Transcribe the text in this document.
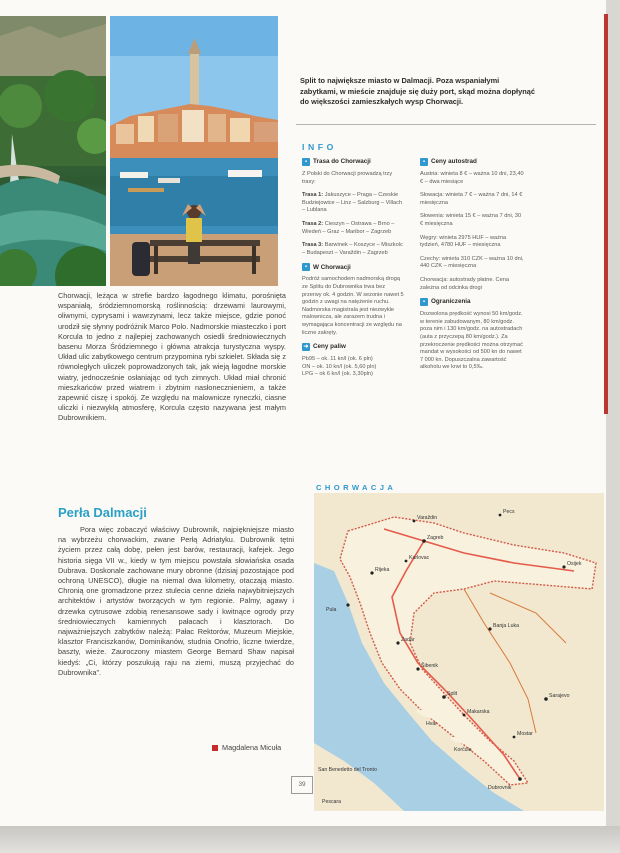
Split to największe miasto w Dalmacji. Poza wspaniałymi zabytkami, w mieście znajduje się duży port, skąd można dopłynąć do większości zamieszkałych wysp Chorwacji.
INFO
▪ Trasa do Chorwacji
Z Polski do Chorwacji prowadzą trzy trasy:
Trasa 1: Jakuszyce – Praga – Czeskie Budziejowice – Linz – Salzburg – Villach – Lublana
Trasa 2: Cieszyn – Ostrawa – Brno – Wiedeń – Graz – Maribor – Zagrzeb
Trasa 3: Barwinek – Koszyce – Miszkolc – Budapeszt – Varaždin – Zagrzeb
▪ W Chorwacji
Podróż samochodem nadmorską drogą ze Splitu do Dubrownika trwa bez przerwy ok. 4 godzin. W sezonie nawet 5 godzin z uwagi na natężenie ruchu. Nadmorska magistrala jest niezwykle malownicza, ale zarazem trudna i wymagająca koncentracji ze względu na liczne zakręty.
➜ Ceny paliw
Pb95 – ok. 11 kn/l (ok. 6 pln)
ON – ok. 10 kn/l (ok. 5,60 pln)
LPG – ok 6 kn/l (ok. 3,30pln)
▪ Ceny autostrad
Austria: winieta 8 € – ważna 10 dni, 23,40 € – dwa miesiące
Słowacja: winieta 7 € – ważna 7 dni, 14 € miesięczna
Słowenia: winieta 15 € – ważna 7 dni, 30 € miesięczna
Węgry: winieta 2975 HUF – ważna tydzień, 4780 HUF – miesięczna
Czechy: winieta 310 CZK – ważna 10 dni, 440 CZK – miesięczna
Chorwacja: autostrady płatne. Cena zależna od odcinka drogi
▪ Ograniczenia
Dozwolona prędkość wynosi 50 km/godz. w terenie zabudowanym, 80 km/godz. poza nim i 130 km/godz. na autostradach (auta z przyczepą 80 km/godz.). Za przekroczenie prędkości można otrzymać mandat w wysokości od 500 kn do nawet 7 000 kn. Dopuszczalna zawartość alkoholu we krwi to 0,5‰.
CHORWACJA
Chorwacji, leżąca w strefie bardzo łagodnego klimatu, porośnięta wspaniałą, śródziemnomorską roślinnością: drzewami laurowymi, oliwnymi, cyprysami i wawrzynami, lecz także miejsce, gdzie ponoć urodził się słynny podróżnik Marco Polo. Nadmorskie miasteczko i port Korcula to jedno z najlepiej zachowanych osiedli średniowiecznych basenu Morza Śródziemnego i główna atrakcja turystyczna wyspy. Układ ulic zabytkowego centrum przypomina rybi szkielet. Składa się z równoległych uliczek poprowadzonych tak, jak wieją łagodne morskie wiatry, jednocześnie osłaniając od tych zimnych. Układ miał chronić mieszkańców przed wiatrem i zbytnim nasłonecznieniem, a także zapewnić ciszę i spokój. Ze względu na malownicze ryneczki, ciasne uliczki i niezwykłą atmosferę, Korcula często nazywana jest małym Dubrownikiem.
Perła Dalmacji
Pora więc zobaczyć właściwy Dubrownik, najpiękniejsze miasto na wybrzeżu chorwackim, zwane Perłą Adriatyku. Dubrownik tętni życiem przez całą dobę, pełen jest barów, restauracji, kafejek. Jego historia sięga VII w., kiedy w tym miejscu powstała słowiańska osada Dubrava. Doskonale zachowane mury obronne (dzisiaj pozostające pod ochroną UNESCO), długie na niemal dwa kilometry, otaczają miasto. Chronią one gromadzone przez stulecia cenne dzieła najwybitniejszych architektów i artystów tworzących w tym regionie. Palmy, agawy i drzewka cytrusowe zdobią renesansowe sady i kwitnące ogrody przy średniowiecznych kamiennych pałacach i klasztorach. Do najważniejszych zabytków należą: Pałac Rektorów, Muzeum Miejskie, klasztor Franciszkanów, Dominikanów, studnia Onofrio, liczne twierdze, baszty, wieże. Zauroczony miastem George Bernard Shaw napisał kiedyś: „Ci, którzy poszukują raju na ziemi, muszą przyjechać do Dubrownika”.
Magdalena Micuła
39
Zagreb
Rijeka
Pula
Zadar
Šibenik
Split
Makarska
Dubrovnik
Osijek
Banja Luka
Sarajevo
Mostar
Pecs
Karlovac
Varaždin
Hvar
Korčula
Pescara
San Benedetto del Tronto
